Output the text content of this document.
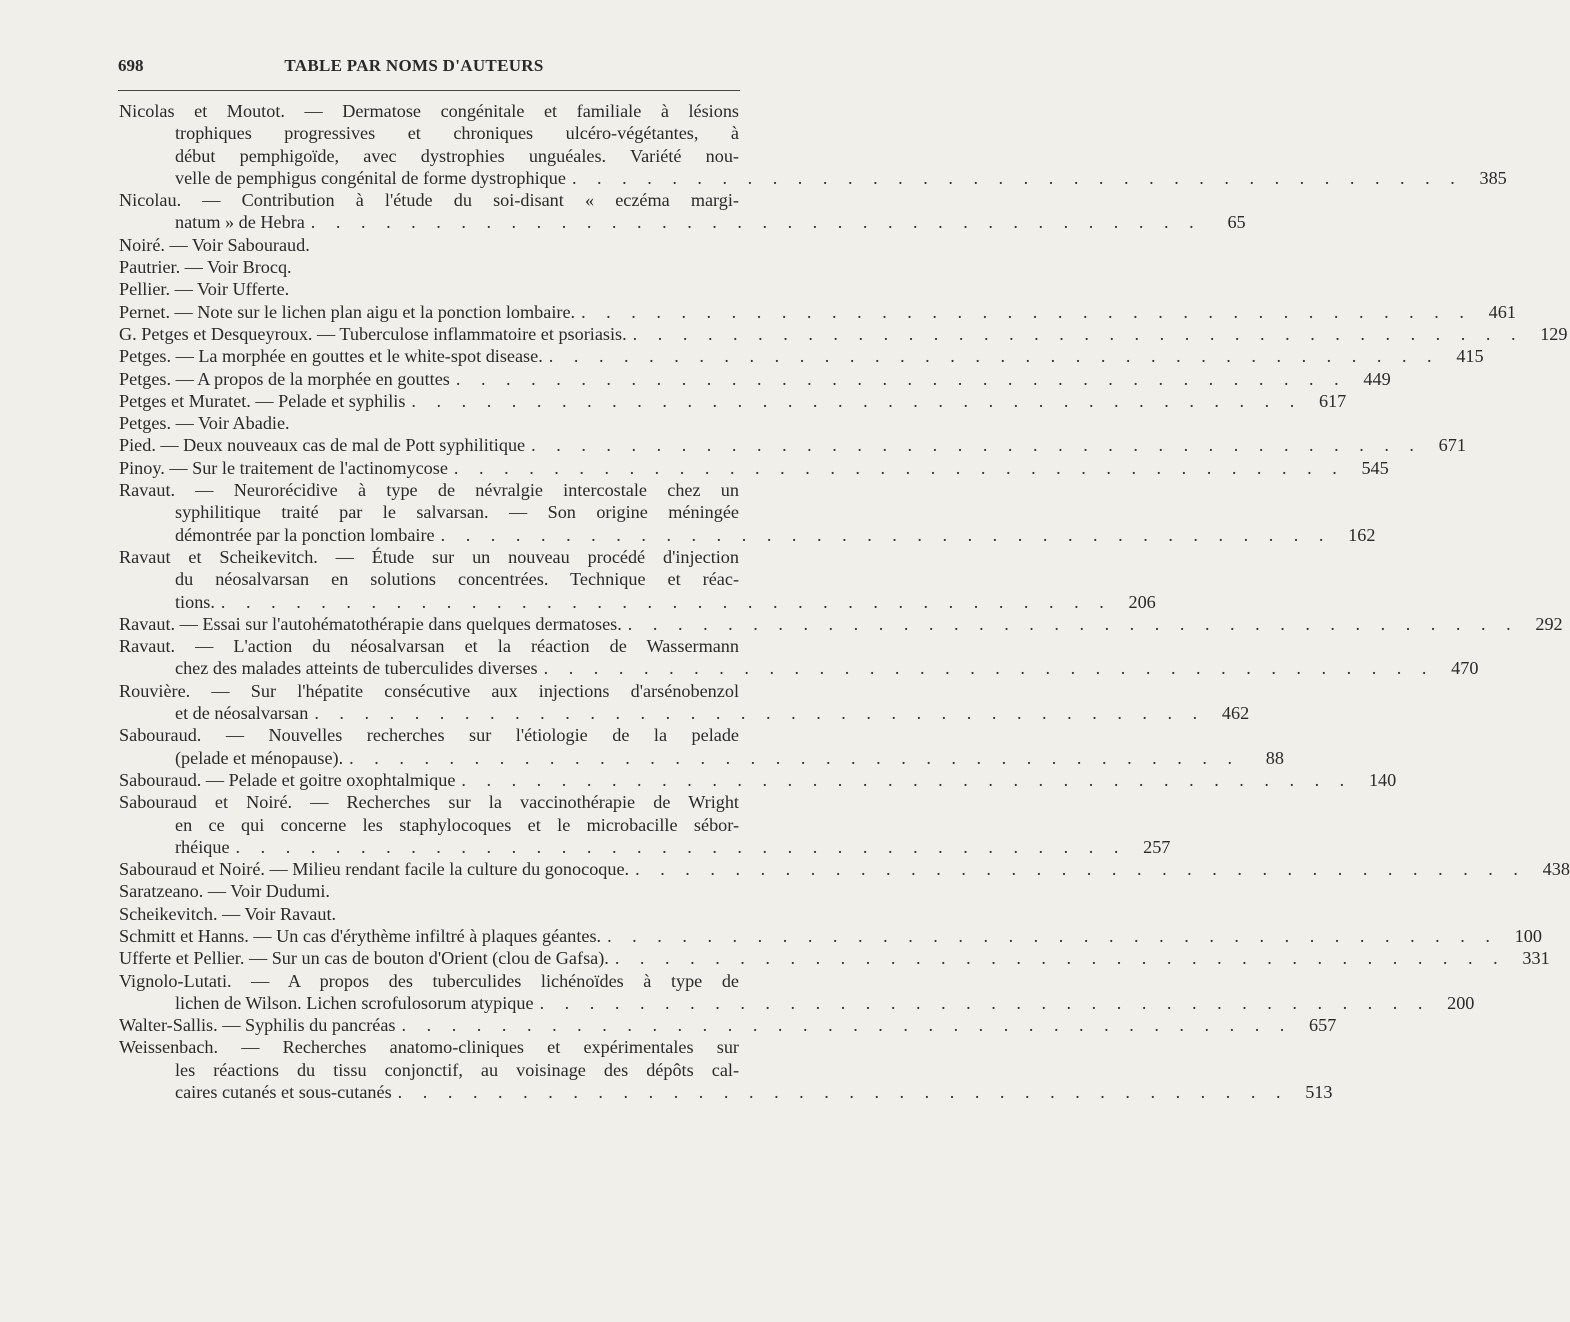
698	TABLE PAR NOMS D'AUTEURS
Nicolas et Moutot. — Dermatose congénitale et familiale à lésions
trophiques progressives et chroniques ulcéro-végétantes, à
début pemphigoïde, avec dystrophies unguéales. Variété nou-
velle de pemphigus congénital de forme dystrophique . . . . . . . . . . . . . . . . . . . . . . . . . . . . . . . . . . . . 385
Nicolau. — Contribution à l'étude du soi-disant « eczéma margi-
natum » de Hebra . . . . . . . . . . . . . . . . . . . . . . . . . . . . . . . . . . . .	65
Noiré. — Voir Sabouraud.
Pautrier. — Voir Brocq.
Pellier. — Voir Ufferte.
Pernet. — Note sur le lichen plan aigu et la ponction lombaire. . . . . . . . . . . . . . . . . . . . . . . . . . . . . . . . . . . . . 461
G. Petges et Desqueyroux. — Tuberculose inflammatoire et psoriasis. . . . . . . . . . . . . . . . . . . . . . . . . . . . . . . . . . . . . 129
Petges. — La morphée en gouttes et le white-spot disease. . . . . . . . . . . . . . . . . . . . . . . . . . . . . . . . . . . . . 415
Petges. — A propos de la morphée en gouttes . . . . . . . . . . . . . . . . . . . . . . . . . . . . . . . . . . . . 449
Petges et Muratet. — Pelade et syphilis . . . . . . . . . . . . . . . . . . . . . . . . . . . . . . . . . . . . 617
Petges. — Voir Abadie.
Pied. — Deux nouveaux cas de mal de Pott syphilitique . . . . . . . . . . . . . . . . . . . . . . . . . . . . . . . . . . . . 671
Pinoy. — Sur le traitement de l'actinomycose . . . . . . . . . . . . . . . . . . . . . . . . . . . . . . . . . . . . 545
Ravaut. — Neurorécidive à type de névralgie intercostale chez un
syphilitique traité par le salvarsan. — Son origine méningée
démontrée par la ponction lombaire . . . . . . . . . . . . . . . . . . . . . . . . . . . . . . . . . . . . 162
Ravaut et Scheikevitch. — Étude sur un nouveau procédé d'injection
du néosalvarsan en solutions concentrées. Technique et réac-
tions. . . . . . . . . . . . . . . . . . . . . . . . . . . . . . . . . . . . . 206
Ravaut. — Essai sur l'autohématothérapie dans quelques dermatoses. . . . . . . . . . . . . . . . . . . . . . . . . . . . . . . . . . . . . 292
Ravaut. — L'action du néosalvarsan et la réaction de Wassermann
chez des malades atteints de tuberculides diverses . . . . . . . . . . . . . . . . . . . . . . . . . . . . . . . . . . . . 470
Rouvière. — Sur l'hépatite consécutive aux injections d'arsénobenzol
et de néosalvarsan . . . . . . . . . . . . . . . . . . . . . . . . . . . . . . . . . . . . 462
Sabouraud. — Nouvelles recherches sur l'étiologie de la pelade
(pelade et ménopause). . . . . . . . . . . . . . . . . . . . . . . . . . . . . . . . . . . . .	88
Sabouraud. — Pelade et goitre oxophtalmique . . . . . . . . . . . . . . . . . . . . . . . . . . . . . . . . . . . . 140
Sabouraud et Noiré. — Recherches sur la vaccinothérapie de Wright
en ce qui concerne les staphylocoques et le microbacille sébor-
rhéique . . . . . . . . . . . . . . . . . . . . . . . . . . . . . . . . . . . . 257
Sabouraud et Noiré. — Milieu rendant facile la culture du gonocoque. . . . . . . . . . . . . . . . . . . . . . . . . . . . . . . . . . . . . 438
Saratzeano. — Voir Dudumi.
Scheikevitch. — Voir Ravaut.
Schmitt et Hanns. — Un cas d'érythème infiltré à plaques géantes. . . . . . . . . . . . . . . . . . . . . . . . . . . . . . . . . . . . . 100
Ufferte et Pellier. — Sur un cas de bouton d'Orient (clou de Gafsa). . . . . . . . . . . . . . . . . . . . . . . . . . . . . . . . . . . . . 331
Vignolo-Lutati. — A propos des tuberculides lichénoïdes à type de
lichen de Wilson. Lichen scrofulosorum atypique . . . . . . . . . . . . . . . . . . . . . . . . . . . . . . . . . . . . 200
Walter-Sallis. — Syphilis du pancréas . . . . . . . . . . . . . . . . . . . . . . . . . . . . . . . . . . . . 657
Weissenbach. — Recherches anatomo-cliniques et expérimentales sur
les réactions du tissu conjonctif, au voisinage des dépôts cal-
caires cutanés et sous-cutanés . . . . . . . . . . . . . . . . . . . . . . . . . . . . . . . . . . . . 513
